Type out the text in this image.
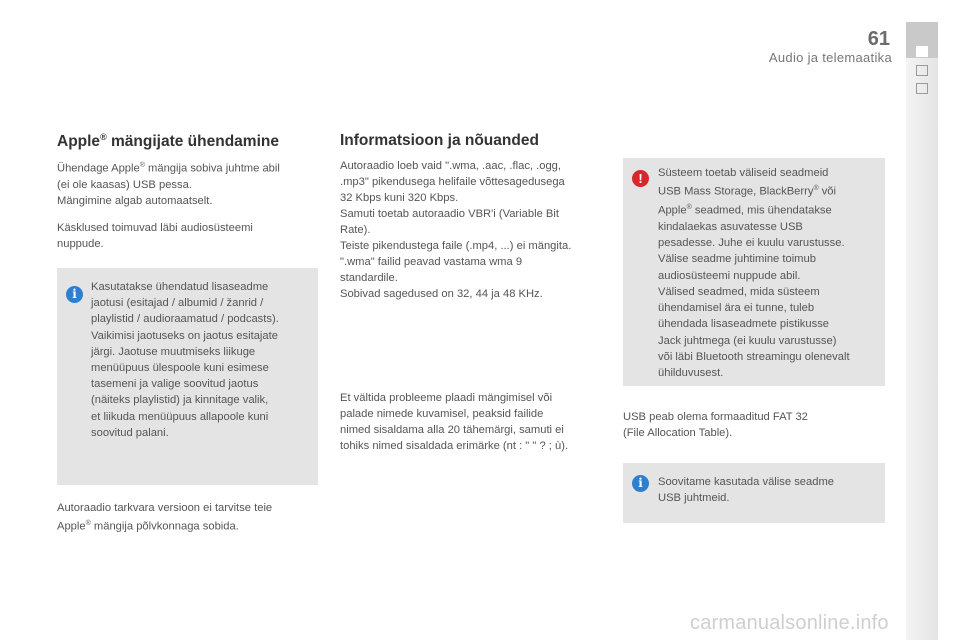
61
Audio ja telemaatika
Apple® mängijate ühendamine
Ühendage Apple® mängija sobiva juhtme abil
(ei ole kaasas) USB pessa.
Mängimine algab automaatselt.
Käsklused toimuvad läbi audiosüsteemi
nuppude.
i	Kasutatakse ühendatud lisaseadme
jaotusi (esitajad / albumid / žanrid /
playlistid / audioraamatud / podcasts).
Vaikimisi jaotuseks on jaotus esitajate
järgi. Jaotuse muutmiseks liikuge
menüüpuus ülespoole kuni esimese
tasemeni ja valige soovitud jaotus
(näiteks playlistid) ja kinnitage valik,
et liikuda menüüpuus allapoole kuni
soovitud palani.
Autoraadio tarkvara versioon ei tarvitse teie
Apple® mängija põlvkonnaga sobida.
Informatsioon ja nõuanded
Autoraadio loeb vaid ".wma, .aac, .flac, .ogg,
.mp3" pikendusega helifaile võttesagedusega
32 Kbps kuni 320 Kbps.
Samuti toetab autoraadio VBR'i (Variable Bit
Rate).
Teiste pikendustega faile (.mp4, ...) ei mängita.
".wma" failid peavad vastama wma 9
standardile.
Sobivad sagedused on 32, 44 ja 48 KHz.
Et vältida probleeme plaadi mängimisel või
palade nimede kuvamisel, peaksid failide
nimed sisaldama alla 20 tähemärgi, samuti ei
tohiks nimed sisaldada erimärke (nt : " " ? ; ù).
!	Süsteem toetab väliseid seadmeid
USB Mass Storage, BlackBerry® või
Apple® seadmed, mis ühendatakse
kindalaekas asuvatesse USB
pesadesse. Juhe ei kuulu varustusse.
Välise seadme juhtimine toimub
audiosüsteemi nuppude abil.
Välised seadmed, mida süsteem
ühendamisel ära ei tunne, tuleb
ühendada lisaseadmete pistikusse
Jack juhtmega (ei kuulu varustusse)
või läbi Bluetooth streamingu olenevalt
ühilduvusest.
USB peab olema formaaditud FAT 32
(File Allocation Table).
i	Soovitame kasutada välise seadme
USB juhtmeid.
carmanualsonline.info
